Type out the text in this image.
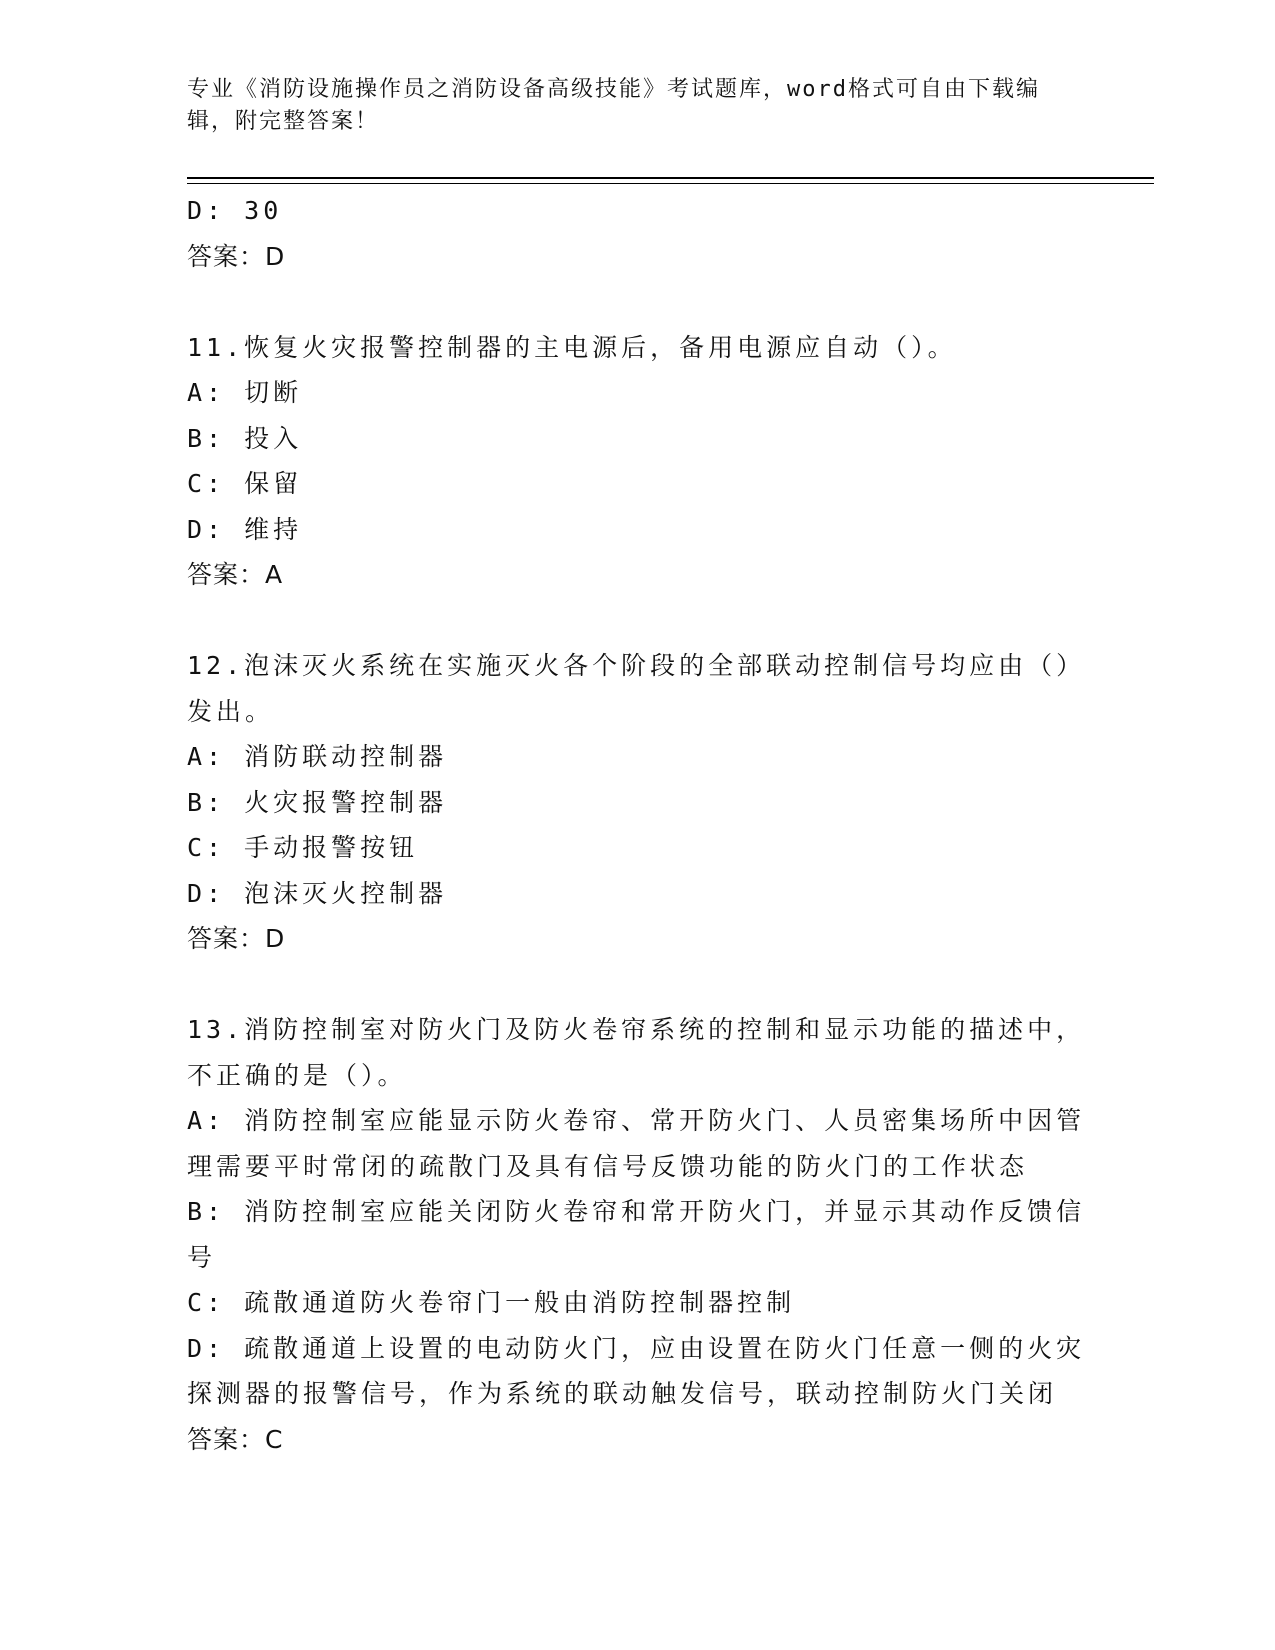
专业《消防设施操作员之消防设备高级技能》考试题库，word格式可自由下载编
辑，附完整答案！
D: 30
答案：D
11.恢复火灾报警控制器的主电源后，备用电源应自动（）。
A: 切断
B: 投入
C: 保留
D: 维持
答案：A
12.泡沫灭火系统在实施灭火各个阶段的全部联动控制信号均应由（）
发出。
A: 消防联动控制器
B: 火灾报警控制器
C: 手动报警按钮
D: 泡沫灭火控制器
答案：D
13.消防控制室对防火门及防火卷帘系统的控制和显示功能的描述中，
不正确的是（）。
A: 消防控制室应能显示防火卷帘、常开防火门、人员密集场所中因管
理需要平时常闭的疏散门及具有信号反馈功能的防火门的工作状态
B: 消防控制室应能关闭防火卷帘和常开防火门，并显示其动作反馈信
号
C: 疏散通道防火卷帘门一般由消防控制器控制
D: 疏散通道上设置的电动防火门，应由设置在防火门任意一侧的火灾
探测器的报警信号，作为系统的联动触发信号，联动控制防火门关闭
答案：C
